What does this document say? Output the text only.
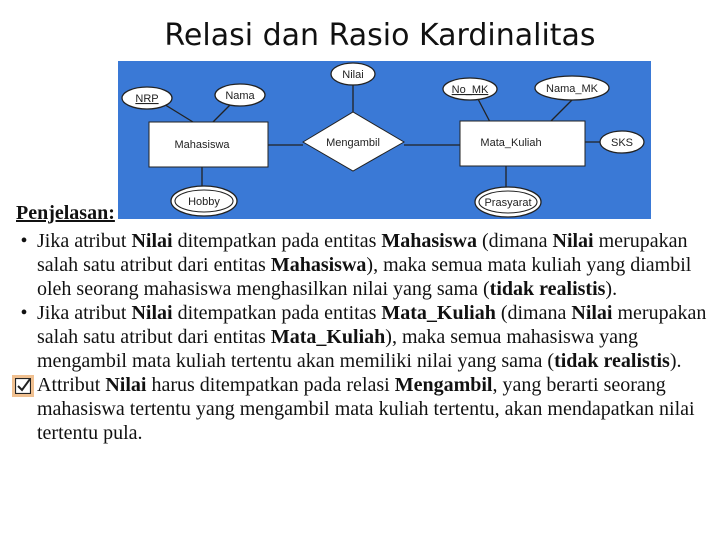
Relasi dan Rasio Kardinalitas
Mahasiswa	Mata_Kuliah
Mengambil
NRP	Nama
Nilai
No_MK	Nama_MK
SKS
Hobby	Prasyarat
Penjelasan:
• Jika atribut Nilai ditempatkan pada entitas Mahasiswa (dimana Nilai merupakan salah satu atribut dari entitas Mahasiswa), maka semua mata kuliah yang diambil oleh seorang mahasiswa menghasilkan nilai yang sama (tidak realistis).
• Jika atribut Nilai ditempatkan pada entitas Mata_Kuliah (dimana Nilai merupakan salah satu atribut dari entitas Mata_Kuliah), maka semua mahasiswa yang mengambil mata kuliah tertentu akan memiliki nilai yang sama (tidak realistis).
Attribut Nilai harus ditempatkan pada relasi Mengambil, yang berarti seorang mahasiswa tertentu yang mengambil mata kuliah tertentu, akan mendapatkan nilai tertentu pula.
